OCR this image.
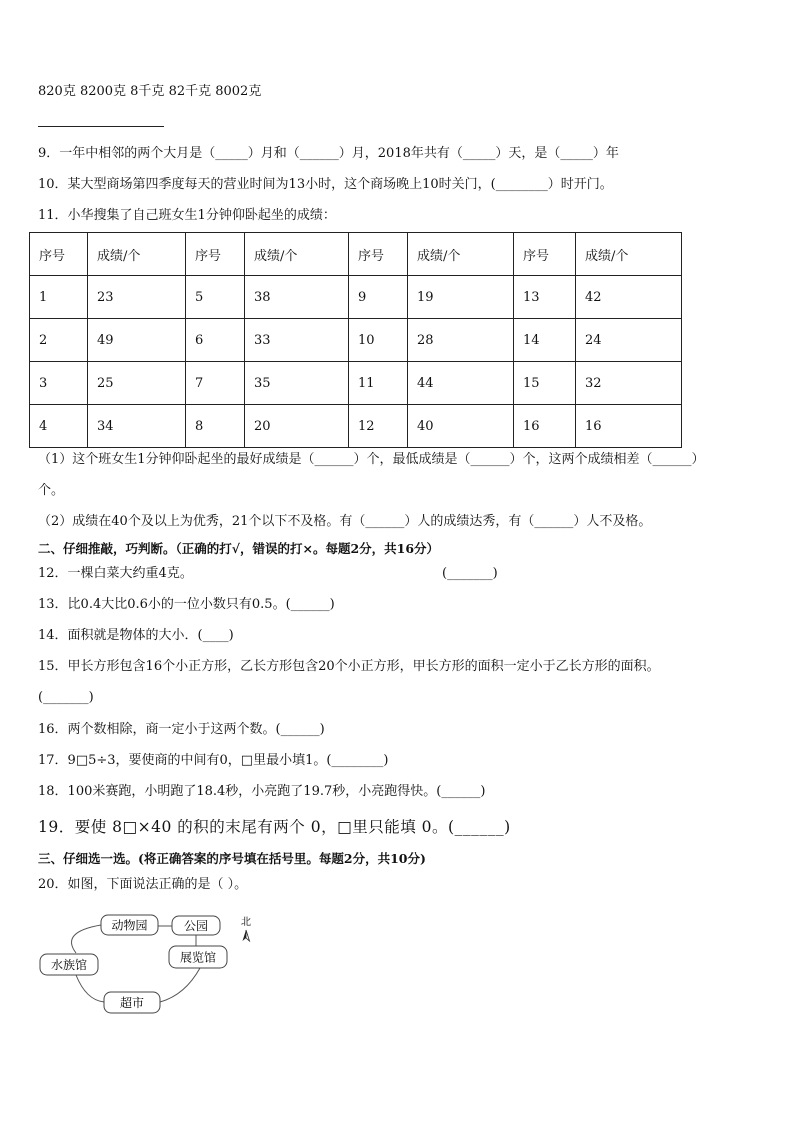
820克 8200克 8千克 82千克 8002克
9．一年中相邻的两个大月是（_____）月和（______）月，2018年共有（_____）天，是（_____）年
10．某大型商场第四季度每天的营业时间为13小时，这个商场晚上10时关门，(________）时开门。
11．小华搜集了自己班女生1分钟仰卧起坐的成绩：
序号	成绩/个	序号	成绩/个	序号	成绩/个	序号	成绩/个
1	23	5	38	9	19	13	42
2	49	6	33	10	28	14	24
3	25	7	35	11	44	15	32
4	34	8	20	12	40	16	16
（1）这个班女生1分钟仰卧起坐的最好成绩是（______）个，最低成绩是（______）个，这两个成绩相差（______）
个。
（2）成绩在40个及以上为优秀，21个以下不及格。有（______）人的成绩达秀，有（______）人不及格。
二、仔细推敲，巧判断。（正确的打√，错误的打×。每题2分，共16分）
12．一棵白菜大约重4克。	(_______)
13．比0.4大比0.6小的一位小数只有0.5。(______)
14．面积就是物体的大小．(____)
15．甲长方形包含16个小正方形，乙长方形包含20个小正方形，甲长方形的面积一定小于乙长方形的面积。
(_______)
16．两个数相除，商一定小于这两个数。(______)
17．9□5÷3，要使商的中间有0，□里最小填1。(________)
18．100米赛跑，小明跑了18.4秒，小亮跑了19.7秒，小亮跑得快。(______)
19．要使 8□×40 的积的末尾有两个 0，□里只能填 0。(______)
三、仔细选一选。(将正确答案的序号填在括号里。每题2分，共10分)
20．如图，下面说法正确的是（ ）。
动物园	公园
展览馆
水族馆
超市
北
